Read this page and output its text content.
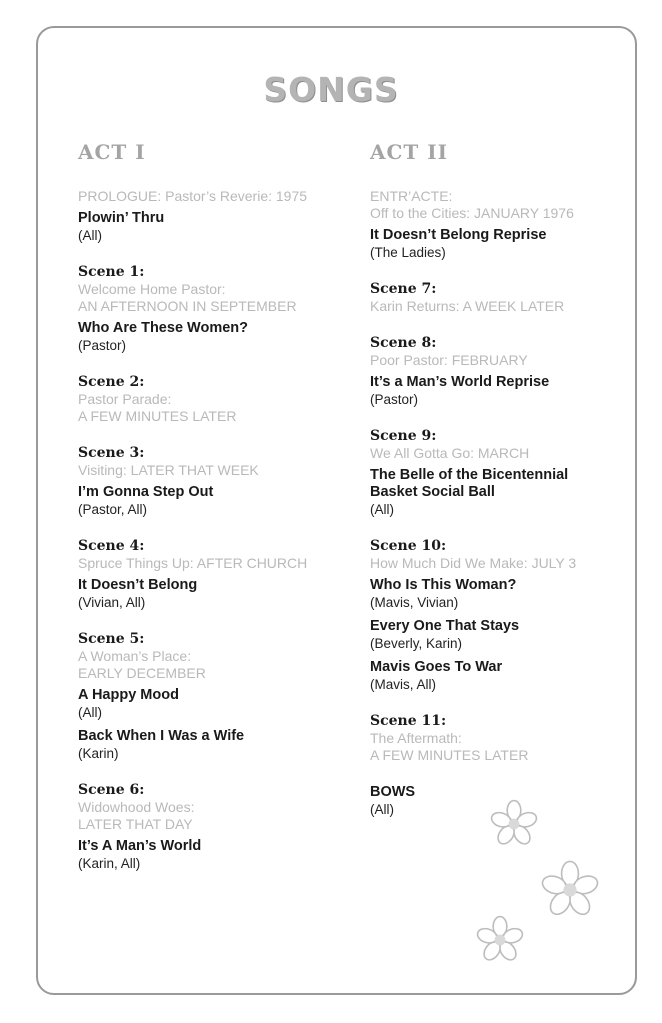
SONGS
ACT I
PROLOGUE: Pastor’s Reverie: 1975
Plowin’ Thru
(All)
Scene 1:
Welcome Home Pastor:
AN AFTERNOON IN SEPTEMBER
Who Are These Women?
(Pastor)
Scene 2:
Pastor Parade:
A FEW MINUTES LATER
Scene 3:
Visiting: LATER THAT WEEK
I’m Gonna Step Out
(Pastor, All)
Scene 4:
Spruce Things Up: AFTER CHURCH
It Doesn’t Belong
(Vivian, All)
Scene 5:
A Woman’s Place:
EARLY DECEMBER
A Happy Mood
(All)
Back When I Was a Wife
(Karin)
Scene 6:
Widowhood Woes:
LATER THAT DAY
It’s A Man’s World
(Karin, All)
ACT II
ENTR’ACTE:
Off to the Cities: JANUARY 1976
It Doesn’t Belong Reprise
(The Ladies)
Scene 7:
Karin Returns: A WEEK LATER
Scene 8:
Poor Pastor: FEBRUARY
It’s a Man’s World Reprise
(Pastor)
Scene 9:
We All Gotta Go: MARCH
The Belle of the Bicentennial Basket Social Ball
(All)
Scene 10:
How Much Did We Make: JULY 3
Who Is This Woman?
(Mavis, Vivian)
Every One That Stays
(Beverly, Karin)
Mavis Goes To War
(Mavis, All)
Scene 11:
The Aftermath:
A FEW MINUTES LATER
BOWS
(All)
